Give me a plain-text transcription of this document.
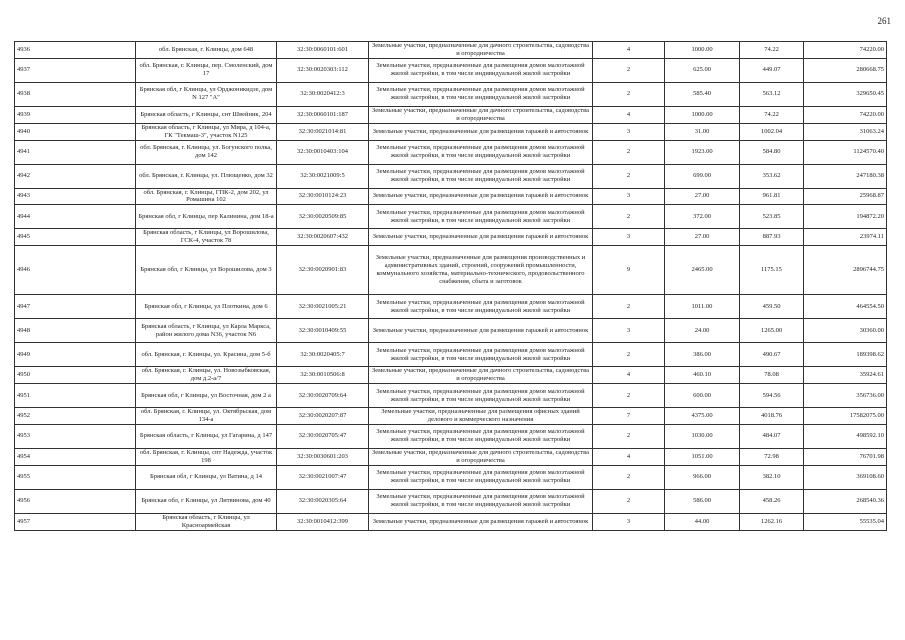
261
4936	обл. Брянская, г. Клинцы, дом 648	32:30:0060101:601	Земельные участки, предназначенные для дачного строительства, садоводства и огородничества	4	1000.00	74.22	74220.00
4937	обл. Брянская, г. Клинцы, пер. Смоленский, дом 17	32:30:0020303:112	Земельные участки, предназначенные для размещения домов малоэтажной жилой застройки, в том числе индивидуальной жилой застройки	2	625.00	449.07	280668.75
4938	Брянская обл, г Клинцы, ул Орджоникидзе, дом N 127 "А"	32:30:0020412:3	Земельные участки, предназначенные для размещения домов малоэтажной жилой застройки, в том числе индивидуальной жилой застройки	2	585.40	563.12	329650.45
4939	Брянская область, г Клинцы, снт Швейник, 204	32:30:0060101:187	Земельные участки, предназначенные для дачного строительства, садоводства и огородничества	4	1000.00	74.22	74220.00
4940	Брянская область, г Клинцы, ул Мира, д 104-а, ГК "Текмаш-3", участок N125	32:30:0021014:81	Земельные участки, предназначенные для размещения гаражей и автостоянок	3	31.00	1002.04	31063.24
4941	обл. Брянская, г. Клинцы, ул. Богунского полка, дом 142	32:30:0010403:104	Земельные участки, предназначенные для размещения домов малоэтажной жилой застройки, в том числе индивидуальной жилой застройки	2	1923.00	584.80	1124570.40
4942	обл. Брянская, г. Клинцы, ул. Плющенко, дом 32	32:30:0021009:5	Земельные участки, предназначенные для размещения домов малоэтажной жилой застройки, в том числе индивидуальной жилой застройки	2	699.00	353.62	247180.38
4943	обл. Брянская, г. Клинцы, ГПК-2, дом 202, ул Ромашина 102	32:30:0010124:23	Земельные участки, предназначенные для размещения гаражей и автостоянок	3	27.00	961.81	25968.87
4944	Брянская обл, г Клинцы, пер Калинина, дом 18-а	32:30:0020509:85	Земельные участки, предназначенные для размещения домов малоэтажной жилой застройки, в том числе индивидуальной жилой застройки	2	372.00	523.85	194872.20
4945	Брянская область, г Клинцы, ул Ворошилова, ГСК-4, участок 78	32:30:0020607:432	Земельные участки, предназначенные для размещения гаражей и автостоянок	3	27.00	887.93	23974.11
4946	Брянская обл, г Клинцы, ул Ворошилова, дом 3	32:30:0020901:83	Земельные участки, предназначенные для размещения производственных и административных зданий, строений, сооружений промышленности, коммунального хозяйства, материально-технического, продовольственного снабжения, сбыта и заготовок	9	2465.00	1175.15	2896744.75
4947	Брянская обл, г Клинцы, ул Плоткина, дом 6	32:30:0021005:21	Земельные участки, предназначенные для размещения домов малоэтажной жилой застройки, в том числе индивидуальной жилой застройки	2	1011.00	459.50	464554.50
4948	Брянская область, г Клинцы, ул Карла Маркса, район жилого дома N36, участок N6	32:30:0010409:55	Земельные участки, предназначенные для размещения гаражей и автостоянок	3	24.00	1265.00	30360.00
4949	обл. Брянская, г. Клинцы, ул. Красина, дом 5-б	32:30:0020405:7	Земельные участки, предназначенные для размещения домов малоэтажной жилой застройки, в том числе индивидуальной жилой застройки	2	386.00	490.67	189398.62
4950	обл. Брянская, г. Клинцы, ул. Новозыбковская, дом д.2-а/7	32:30:0010506:8	Земельные участки, предназначенные для дачного строительства, садоводства и огородничества	4	460.10	78.08	35924.61
4951	Брянская обл, г Клинцы, ул Восточная, дом 2 а	32:30:0020709:64	Земельные участки, предназначенные для размещения домов малоэтажной жилой застройки, в том числе индивидуальной жилой застройки	2	600.00	594.56	356736.00
4952	обл. Брянская, г. Клинцы, ул. Октябрьская, дом 134-а	32:30:0020207:87	Земельные участки, предназначенные для размещения офисных зданий делового и коммерческого назначения	7	4375.00	4018.76	17582075.00
4953	Брянская область, г Клинцы, ул Гагарина, д 147	32:30:0020705:47	Земельные участки, предназначенные для размещения домов малоэтажной жилой застройки, в том числе индивидуальной жилой застройки	2	1030.00	484.07	498592.10
4954	обл. Брянская, г. Клинцы, снт Надежда, участок 198	32:30:0030601:203	Земельные участки, предназначенные для дачного строительства, садоводства и огородничества	4	1051.00	72.98	76701.98
4955	Брянская обл, г Клинцы, ул Ватина, д 14	32:30:0021007:47	Земельные участки, предназначенные для размещения домов малоэтажной жилой застройки, в том числе индивидуальной жилой застройки	2	966.00	382.10	369108.60
4956	Брянская обл, г Клинцы, ул Литвинова, дом 40	32:30:0020305:64	Земельные участки, предназначенные для размещения домов малоэтажной жилой застройки, в том числе индивидуальной жилой застройки	2	586.00	458.26	268540.36
4957	Брянская область, г Клинцы, ул Красноармейская	32:30:0010412:399	Земельные участки, предназначенные для размещения гаражей и автостоянок	3	44.00	1262.16	55535.04
